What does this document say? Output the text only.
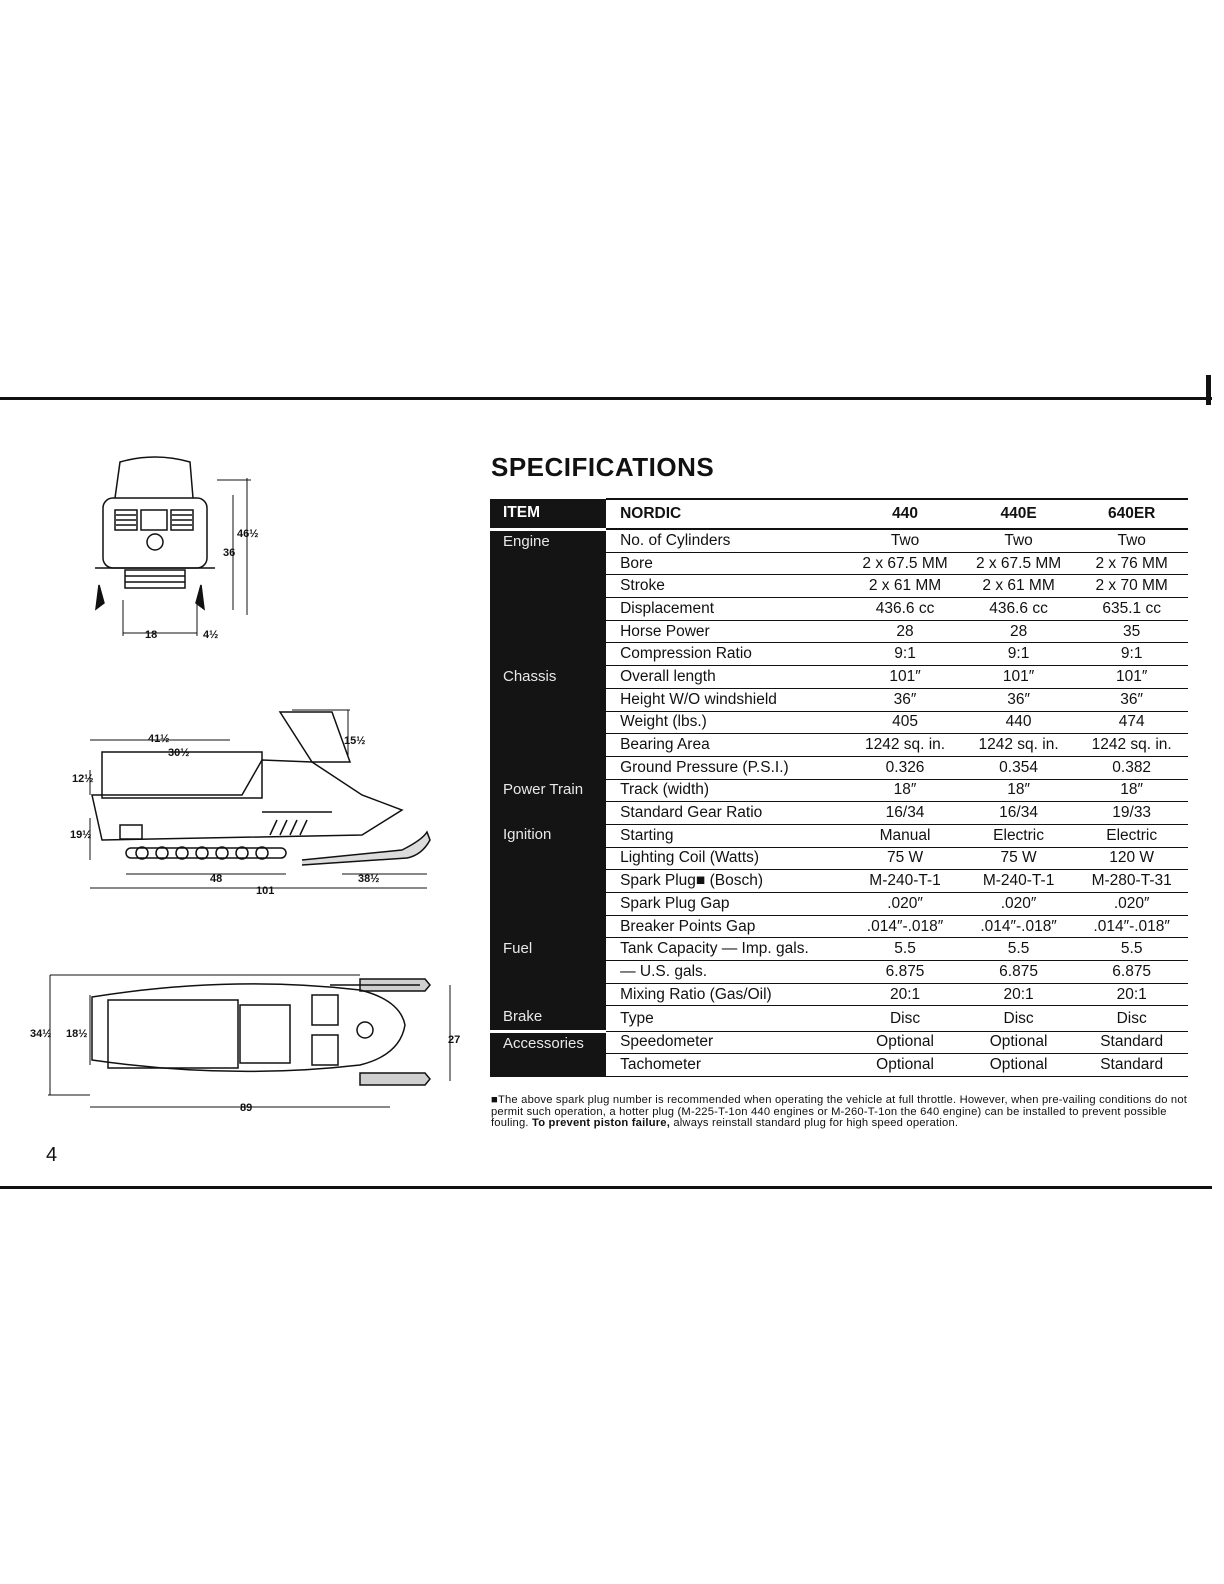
SPECIFICATIONS
4
46½
36
18	4½
41½
30½
15½
12½
19½
48
101
38½
34½ 18½	27
89
ITEM	NORDIC	440	440E	640ER
Engine	No. of Cylinders	Two	Two	Two
	Bore	2 x 67.5 MM	2 x 67.5 MM	2 x 76 MM
	Stroke	2 x 61 MM	2 x 61 MM	2 x 70 MM
	Displacement	436.6 cc	436.6 cc	635.1 cc
	Horse Power	28	28	35
	Compression Ratio	9:1	9:1	9:1
Chassis	Overall length	101″	101″	101″
	Height W/O windshield	36″	36″	36″
	Weight (lbs.)	405	440	474
	Bearing Area	1242 sq. in.	1242 sq. in.	1242 sq. in.
	Ground Pressure (P.S.I.)	0.326	0.354	0.382
Power Train	Track (width)	18″	18″	18″
	Standard Gear Ratio	16/34	16/34	19/33
Ignition	Starting	Manual	Electric	Electric
	Lighting Coil (Watts)	75 W	75 W	120 W
	Spark Plug■ (Bosch)	M-240-T-1	M-240-T-1	M-280-T-31
	Spark Plug Gap	.020″	.020″	.020″
	Breaker Points Gap	.014″-.018″	.014″-.018″	.014″-.018″
Fuel	Tank Capacity — Imp. gals.	5.5	5.5	5.5
	— U.S. gals.	6.875	6.875	6.875
	Mixing Ratio (Gas/Oil)	20:1	20:1	20:1
Brake	Type	Disc	Disc	Disc
Accessories	Speedometer	Optional	Optional	Standard
	Tachometer	Optional	Optional	Standard
■The above spark plug number is recommended when operating the vehicle at full throttle. However, when pre-vailing conditions do not permit such operation, a hotter plug (M-225-T-1on 440 engines or M-260-T-1on the 640 engine) can be installed to prevent possible fouling. To prevent piston failure, always reinstall standard plug for high speed operation.
